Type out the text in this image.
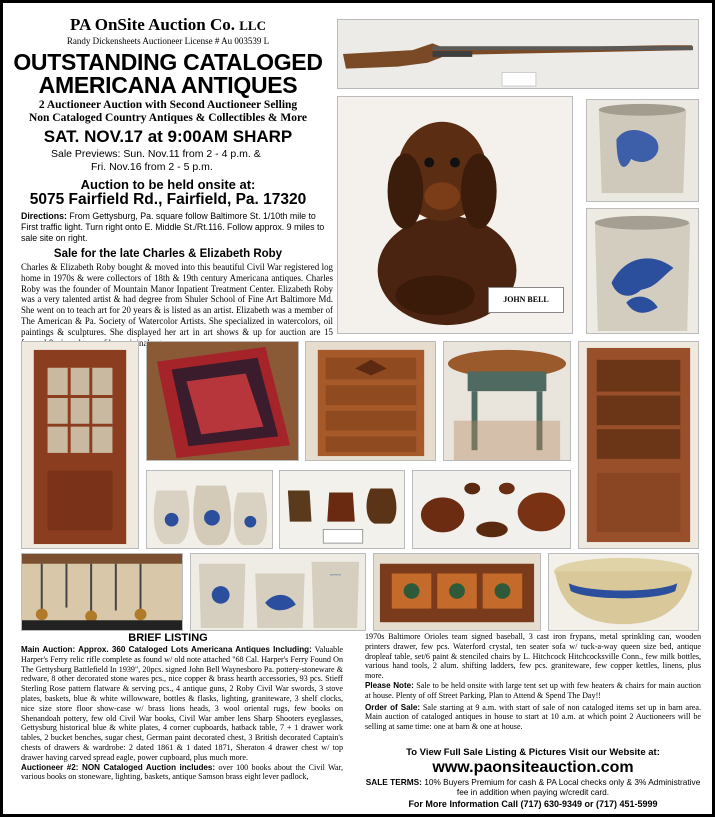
PA OnSite Auction Co. LLC
Randy Dickensheets Auctioneer License # Au 003539 L
OUTSTANDING CATALOGED
AMERICANA ANTIQUES
2 Auctioneer Auction with Second Auctioneer Selling
Non Cataloged Country Antiques & Collectibles & More
SAT. NOV.17 at 9:00AM SHARP
Sale Previews: Sun. Nov.11 from 2 - 4 p.m. &
Fri. Nov.16 from 2 - 5 p.m.
Auction to be held onsite at:
5075 Fairfield Rd., Fairfield, Pa. 17320
Directions: From Gettysburg, Pa. square follow Baltimore St. 1/10th mile to First traffic light. Turn right onto E. Middle St./Rt.116. Follow approx. 9 miles to sale site on right.
Sale for the late Charles & Elizabeth Roby
Charles & Elizabeth Roby bought & moved into this beautiful Civil War registered log home in 1970s & were collectors of 18th & 19th century Americana antiques. Charles Roby was the founder of Mountain Manor Inpatient Treatment Center. Elizabeth Roby was a very talented artist & had degree from Shuler School of Fine Art Baltimore Md. She went on to teach art for 20 years & is listed as an artist. Elizabeth was a member of The American & Pa. Society of Watercolor Artists. She specialized in watercolors, oil paintings & sculptures. She displayed her art in art shows & up for auction are 15
JOHN BELL
~~~
BRIEF LISTING
Main Auction: Approx. 360 Cataloged Lots Americana Antiques Including: Valuable Harper's Ferry relic rifle complete as found w/ old note attached "68 Cal. Harper's Ferry Found On The Gettysburg Battlefield In 1939", 20pcs. signed John Bell Waynesboro Pa. pottery-stoneware & redware, 8 other decorated stone wares pcs., nice copper & brass hearth accessories, 93 pcs. Stieff Sterling Rose pattern flatware & serving pcs., 4 antique guns, 2 Roby Civil War swords, 3 stove plates, baskets, blue & white willowware, bottles & flasks, lighting, graniteware, 3 shelf clocks, nice size store floor show-case w/ brass lions heads, 3 wool oriental rugs, few books on Shenandoah pottery, few old Civil War books, Civil War amber lens Sharp Shooters eyeglasses, Gettysburg historical blue & white plates, 4 corner cupboards, hatback table, 7 + 1 drawer work tables, 2 bucket benches, sugar chest, German paint decorated chest, 3 British decorated Captain's chests of drawers & wardrobe: 2 dated 1861 & 1 dated 1871, Sheraton 4 drawer chest w/ top drawer having carved spread eagle, power cupboard, plus much more.
Auctioneer #2: NON Cataloged Auction includes: over 100 books about the Civil War, various books on stoneware, lighting, baskets, antique Samson brass eight lever padlock,
1970s Baltimore Orioles team signed baseball, 3 cast iron frypans, metal sprinkling can, wooden printers drawer, few pcs. Waterford crystal, ten seater sofa w/ tuck-a-way queen size bed, antique dropleaf table, set/6 paint & stenciled chairs by L. Hitchcock Hitchcocksville Conn., few milk bottles, various hand tools, 2 alum. shifting ladders, few pcs. graniteware, few copper kettles, linens, plus more.
Please Note: Sale to be held onsite with large tent set up with few heaters & chairs for main auction at house. Plenty of off Street Parking, Plan to Attend & Spend The Day!!
Order of Sale: Sale starting at 9 a.m. with start of sale of non cataloged items set up in barn area. Main auction of cataloged antiques in house to start at 10 a.m. at which point 2 Auctioneers will be selling at same time: one at barn & one at house.
To View Full Sale Listing & Pictures Visit our Website at:
www.paonsiteauction.com
SALE TERMS: 10% Buyers Premium for cash & PA Local checks only & 3% Administrative fee in addition when paying w/credit card.
For More Information Call (717) 630-9349 or (717) 451-5999
